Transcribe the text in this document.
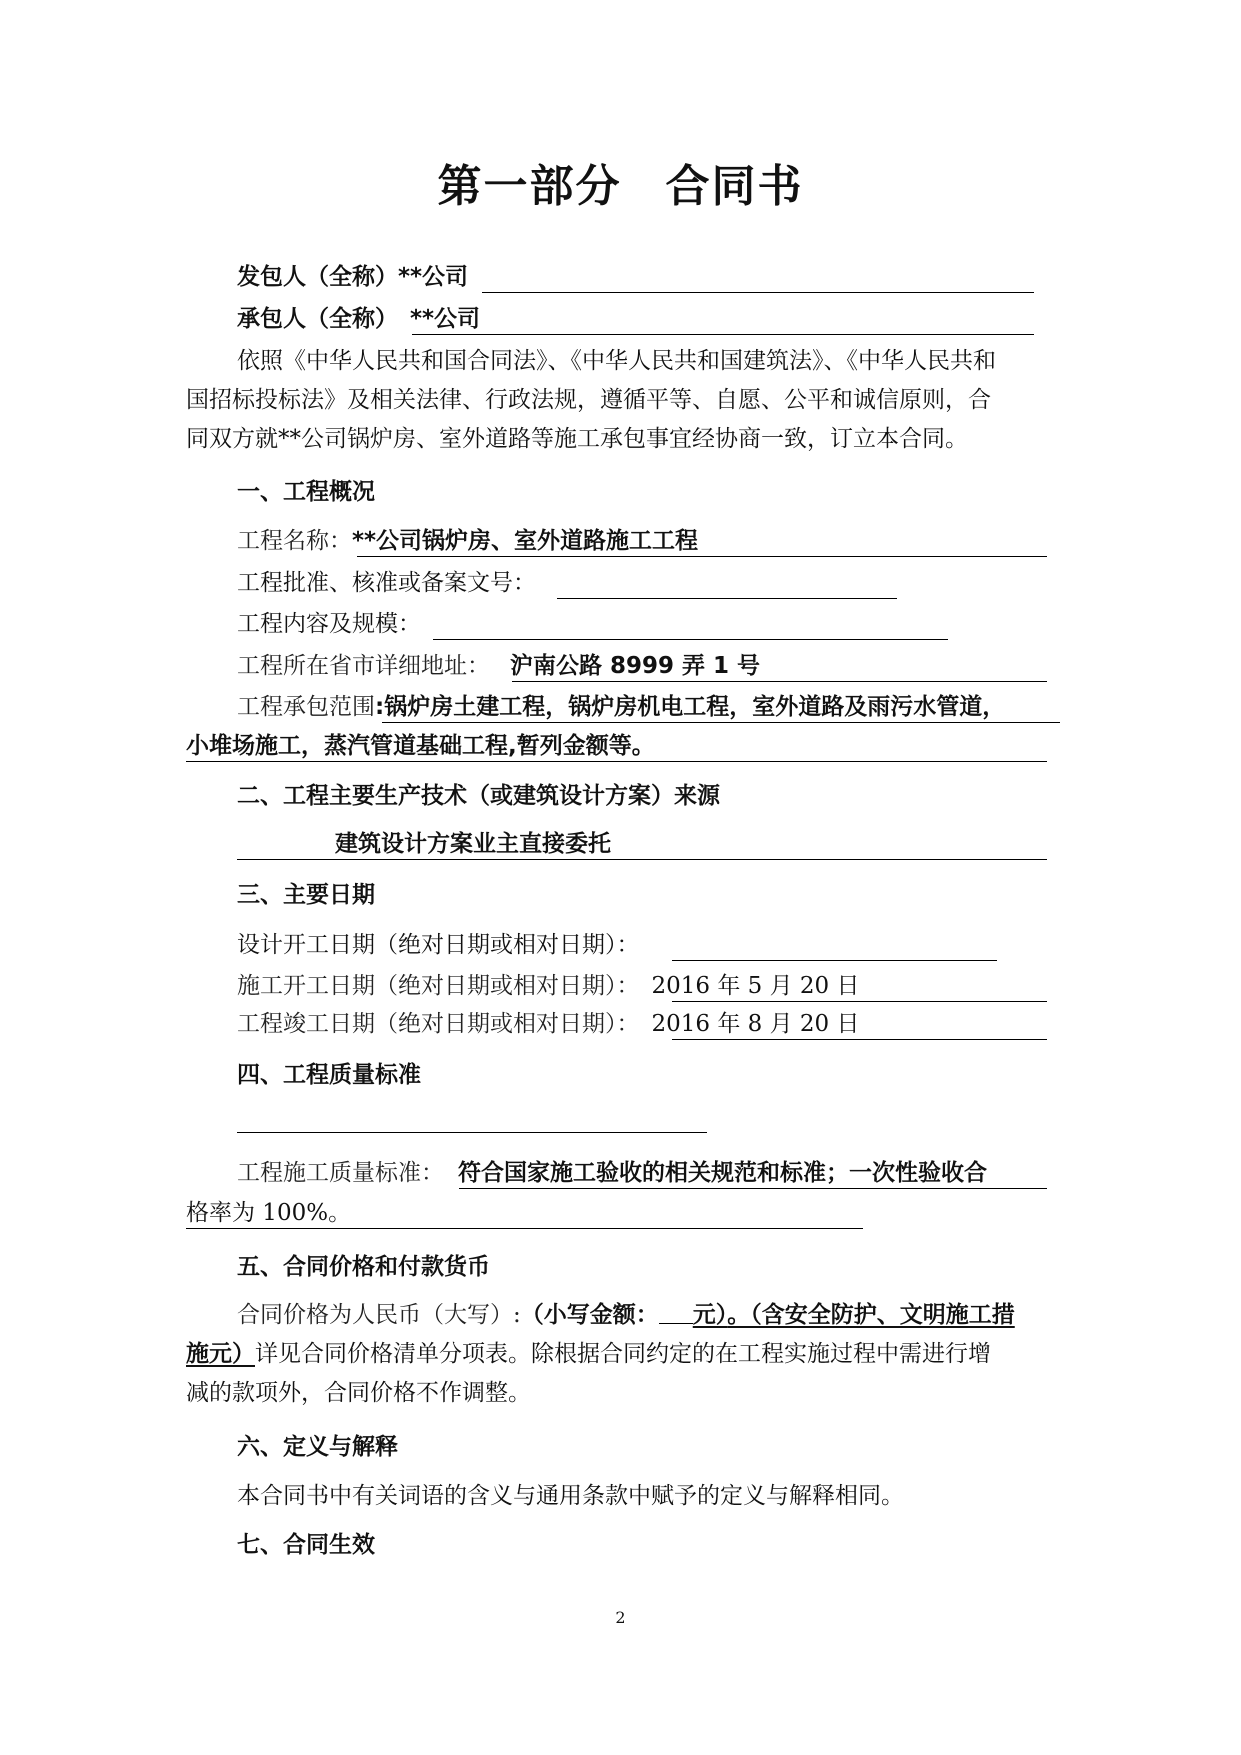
第一部分 合同书
发包人（全称）**公司
承包人（全称） **公司
依照《中华人民共和国合同法》、《中华人民共和国建筑法》、《中华人民共和
国招标投标法》及相关法律、行政法规，遵循平等、自愿、公平和诚信原则，合
同双方就**公司锅炉房、室外道路等施工承包事宜经协商一致，订立本合同。
一、工程概况
工程名称：**公司锅炉房、室外道路施工工程
工程批准、核准或备案文号：
工程内容及规模：
工程所在省市详细地址： 沪南公路 8999 弄 1 号
工程承包范围:锅炉房土建工程，锅炉房机电工程，室外道路及雨污水管道，
小堆场施工，蒸汽管道基础工程,暂列金额等。
二、工程主要生产技术（或建筑设计方案）来源
建筑设计方案业主直接委托
三、主要日期
设计开工日期（绝对日期或相对日期）：
施工开工日期（绝对日期或相对日期）： 2016 年 5 月 20 日
工程竣工日期（绝对日期或相对日期）： 2016 年 8 月 20 日
四、工程质量标准
工程施工质量标准： 符合国家施工验收的相关规范和标准；一次性验收合
格率为 100%。
五、合同价格和付款货币
合同价格为人民币（大写）:（小写金额： 元）。（含安全防护、文明施工措
施元）详见合同价格清单分项表。除根据合同约定的在工程实施过程中需进行增
减的款项外，合同价格不作调整。
六、定义与解释
本合同书中有关词语的含义与通用条款中赋予的定义与解释相同。
七、合同生效
2
